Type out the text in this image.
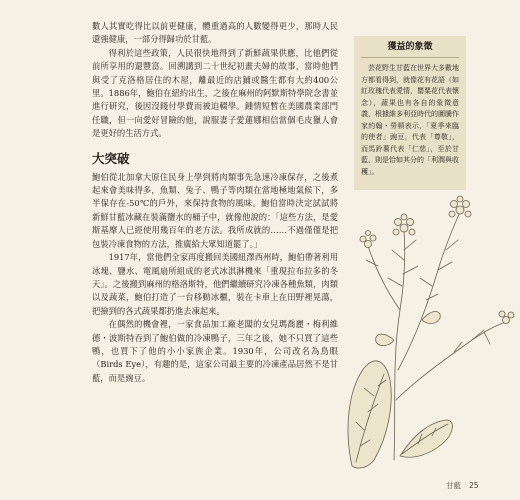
數人其實吃得比以前更健康，體重過高的人數變得更少，那時人民還強健康，一部分得歸功於甘藍。

得利於這些政策，人民很快地得到了新鮮蔬果供應，比他們從前所享用的還豐富。回溯講到二十世紀初畫夫婦的故事，當時他們與受了克洛格居住的木屋，離最近的店鋪或醫生都有大約400公里。1886年，鮑伯在紐約出生，之後在麻州的阿默斯特學院念書並進行研究，後因沒錢付學費而被迫輟學。鍾情短暫在美國農業部門任職，但一向愛好冒險的他，說服妻子愛蓮娜相信當個毛皮獵人會是更好的生活方式。

大突破

鮑伯從北加拿大原住民身上學到將肉類事先急速冷凍保存，之後煮起來會美味得多，魚類、兔子、鴨子等肉類在當地極地氣候下，多半保存在-50℃的戶外，來保持食物的風味。鮑伯當時決定試試將新鮮甘藍冰藏在裝滿鹽水的桶子中，就像他說的：「這些方法，是愛斯基摩人已經使用幾百年的老方法。我所成就的……不過僅僅是把包裝冷凍食物的方法，推廣給大眾知道罷了。」

1917年，當他們全家再度搬回美國紐澤西州時，鮑伯帶著利用冰塊、鹽水、電風扇所組成的老式冰淇淋機來「重現拉布拉多的冬天」。之後搬到麻州的格洛斯特，他們繼續研究冷凍各種魚類，肉類以及蔬菜，鮑伯打造了一台移動冰櫃，裝在卡車上在田野裡晃蕩，把撿到的各式蔬果都扔進去凍起來。

在偶然的機會裡，一家食品加工廠老闆的女兒瑪喬麗・梅利維德・波斯特吞到了鮑伯做的冷凍鴨子，三年之後，她不只買了這些鴨，也買下了他的小小家族企業。1930年，公司改名為鳥眼（Birds Eye），有趣的是，這家公司最主要的冷凍產品居然不是甘藍，而是豌豆。

獲益的象徵
芸花野生甘藍在世界大多數地方都看得到，就像花有花語（如紅玫瑰代表愛情，罌粟花代表懷念），蔬果也有各自的象徵意義，根據維多利亞時代的圖騰作家約翰・勞顿表示，「夏季來臨的使者」豌豆，代表「尊敬」，而馬鈴薯代表「仁慈」，至於甘藍，則是恰如其分的「利潤與收穫」。
甘藍 25
